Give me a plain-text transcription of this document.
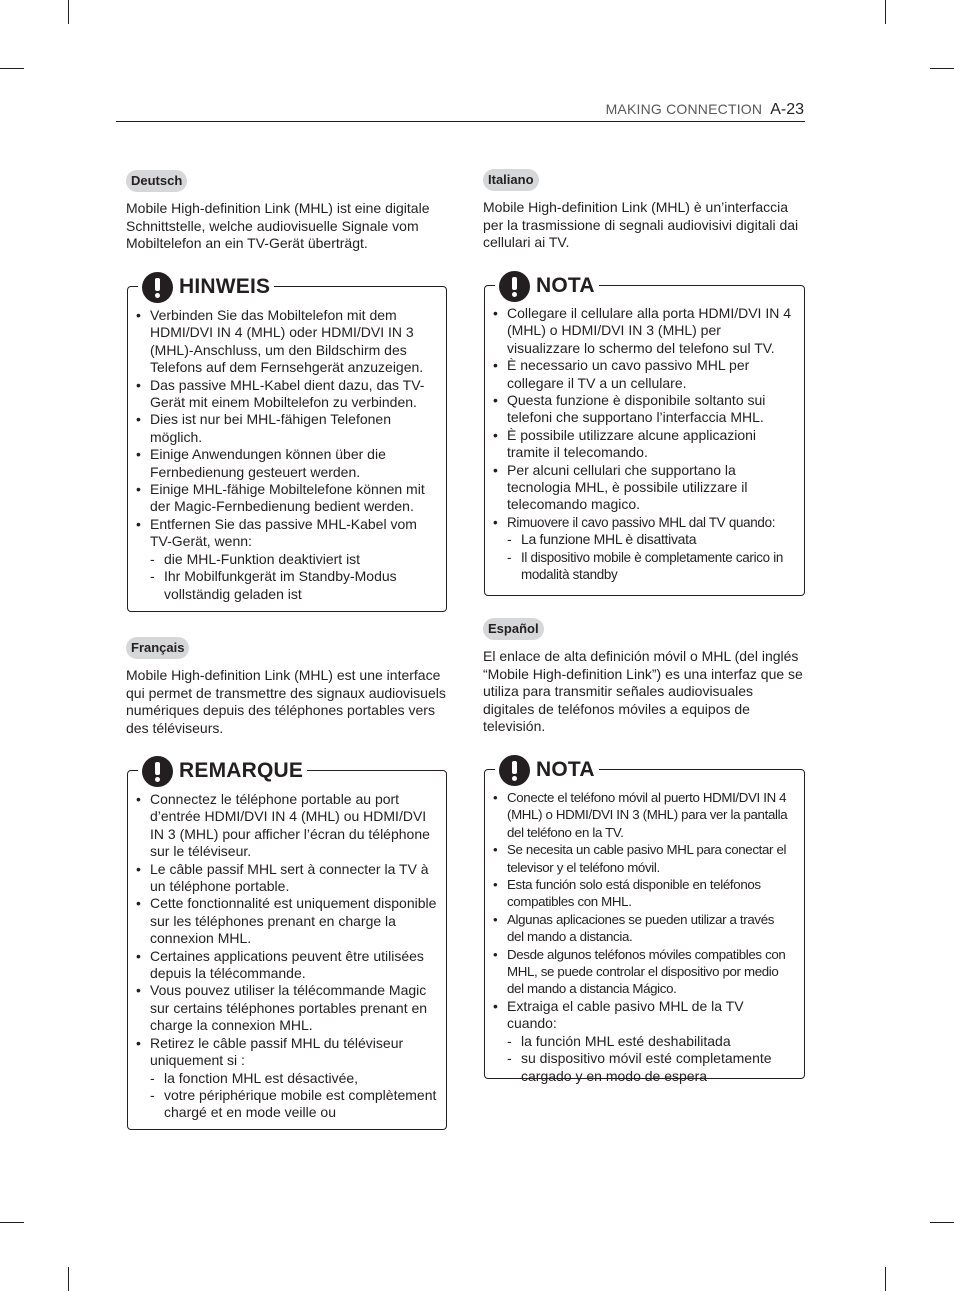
MAKING CONNECTION A-23
Deutsch

Mobile High-definition Link (MHL) ist eine digitale Schnittstelle, welche audiovisuelle Signale vom Mobiltelefon an ein TV-Gerät überträgt.

HINWEIS
• Verbinden Sie das Mobiltelefon mit dem HDMI/DVI IN 4 (MHL) oder HDMI/DVI IN 3 (MHL)-Anschluss, um den Bildschirm des Telefons auf dem Fernsehgerät anzuzeigen.
• Das passive MHL-Kabel dient dazu, das TV-Gerät mit einem Mobiltelefon zu verbinden.
• Dies ist nur bei MHL-fähigen Telefonen möglich.
• Einige Anwendungen können über die Fernbedienung gesteuert werden.
• Einige MHL-fähige Mobiltelefone können mit der Magic-Fernbedienung bedient werden.
• Entfernen Sie das passive MHL-Kabel vom TV-Gerät, wenn:
- die MHL-Funktion deaktiviert ist
- Ihr Mobilfunkgerät im Standby-Modus vollständig geladen ist
Français

Mobile High-definition Link (MHL) est une interface qui permet de transmettre des signaux audiovisuels numériques depuis des téléphones portables vers des téléviseurs.

REMARQUE
• Connectez le téléphone portable au port d’entrée HDMI/DVI IN 4 (MHL) ou HDMI/DVI IN 3 (MHL) pour afficher l’écran du téléphone sur le téléviseur.
• Le câble passif MHL sert à connecter la TV à un téléphone portable.
• Cette fonctionnalité est uniquement disponible sur les téléphones prenant en charge la connexion MHL.
• Certaines applications peuvent être utilisées depuis la télécommande.
• Vous pouvez utiliser la télécommande Magic sur certains téléphones portables prenant en charge la connexion MHL.
• Retirez le câble passif MHL du téléviseur uniquement si :
- la fonction MHL est désactivée,
- votre périphérique mobile est complètement chargé et en mode veille ou
Italiano

Mobile High-definition Link (MHL) è un’interfaccia per la trasmissione di segnali audiovisivi digitali dai cellulari ai TV.

NOTA
• Collegare il cellulare alla porta HDMI/DVI IN 4 (MHL) o HDMI/DVI IN 3 (MHL) per visualizzare lo schermo del telefono sul TV.
• È necessario un cavo passivo MHL per collegare il TV a un cellulare.
• Questa funzione è disponibile soltanto sui telefoni che supportano l’interfaccia MHL.
• È possibile utilizzare alcune applicazioni tramite il telecomando.
• Per alcuni cellulari che supportano la tecnologia MHL, è possibile utilizzare il telecomando magico.
• Rimuovere il cavo passivo MHL dal TV quando:
- La funzione MHL è disattivata
- Il dispositivo mobile è completamente carico in modalità standby
Español

El enlace de alta definición móvil o MHL (del inglés “Mobile High-definition Link”) es una interfaz que se utiliza para transmitir señales audiovisuales digitales de teléfonos móviles a equipos de televisión.

NOTA
• Conecte el teléfono móvil al puerto HDMI/DVI IN 4 (MHL) o HDMI/DVI IN 3 (MHL) para ver la pantalla del teléfono en la TV.
• Se necesita un cable pasivo MHL para conectar el televisor y el teléfono móvil.
• Esta función solo está disponible en teléfonos compatibles con MHL.
• Algunas aplicaciones se pueden utilizar a través del mando a distancia.
• Desde algunos teléfonos móviles compatibles con MHL, se puede controlar el dispositivo por medio del mando a distancia Mágico.
• Extraiga el cable pasivo MHL de la TV cuando:
- la función MHL esté deshabilitada
- su dispositivo móvil esté completamente cargado y en modo de espera
